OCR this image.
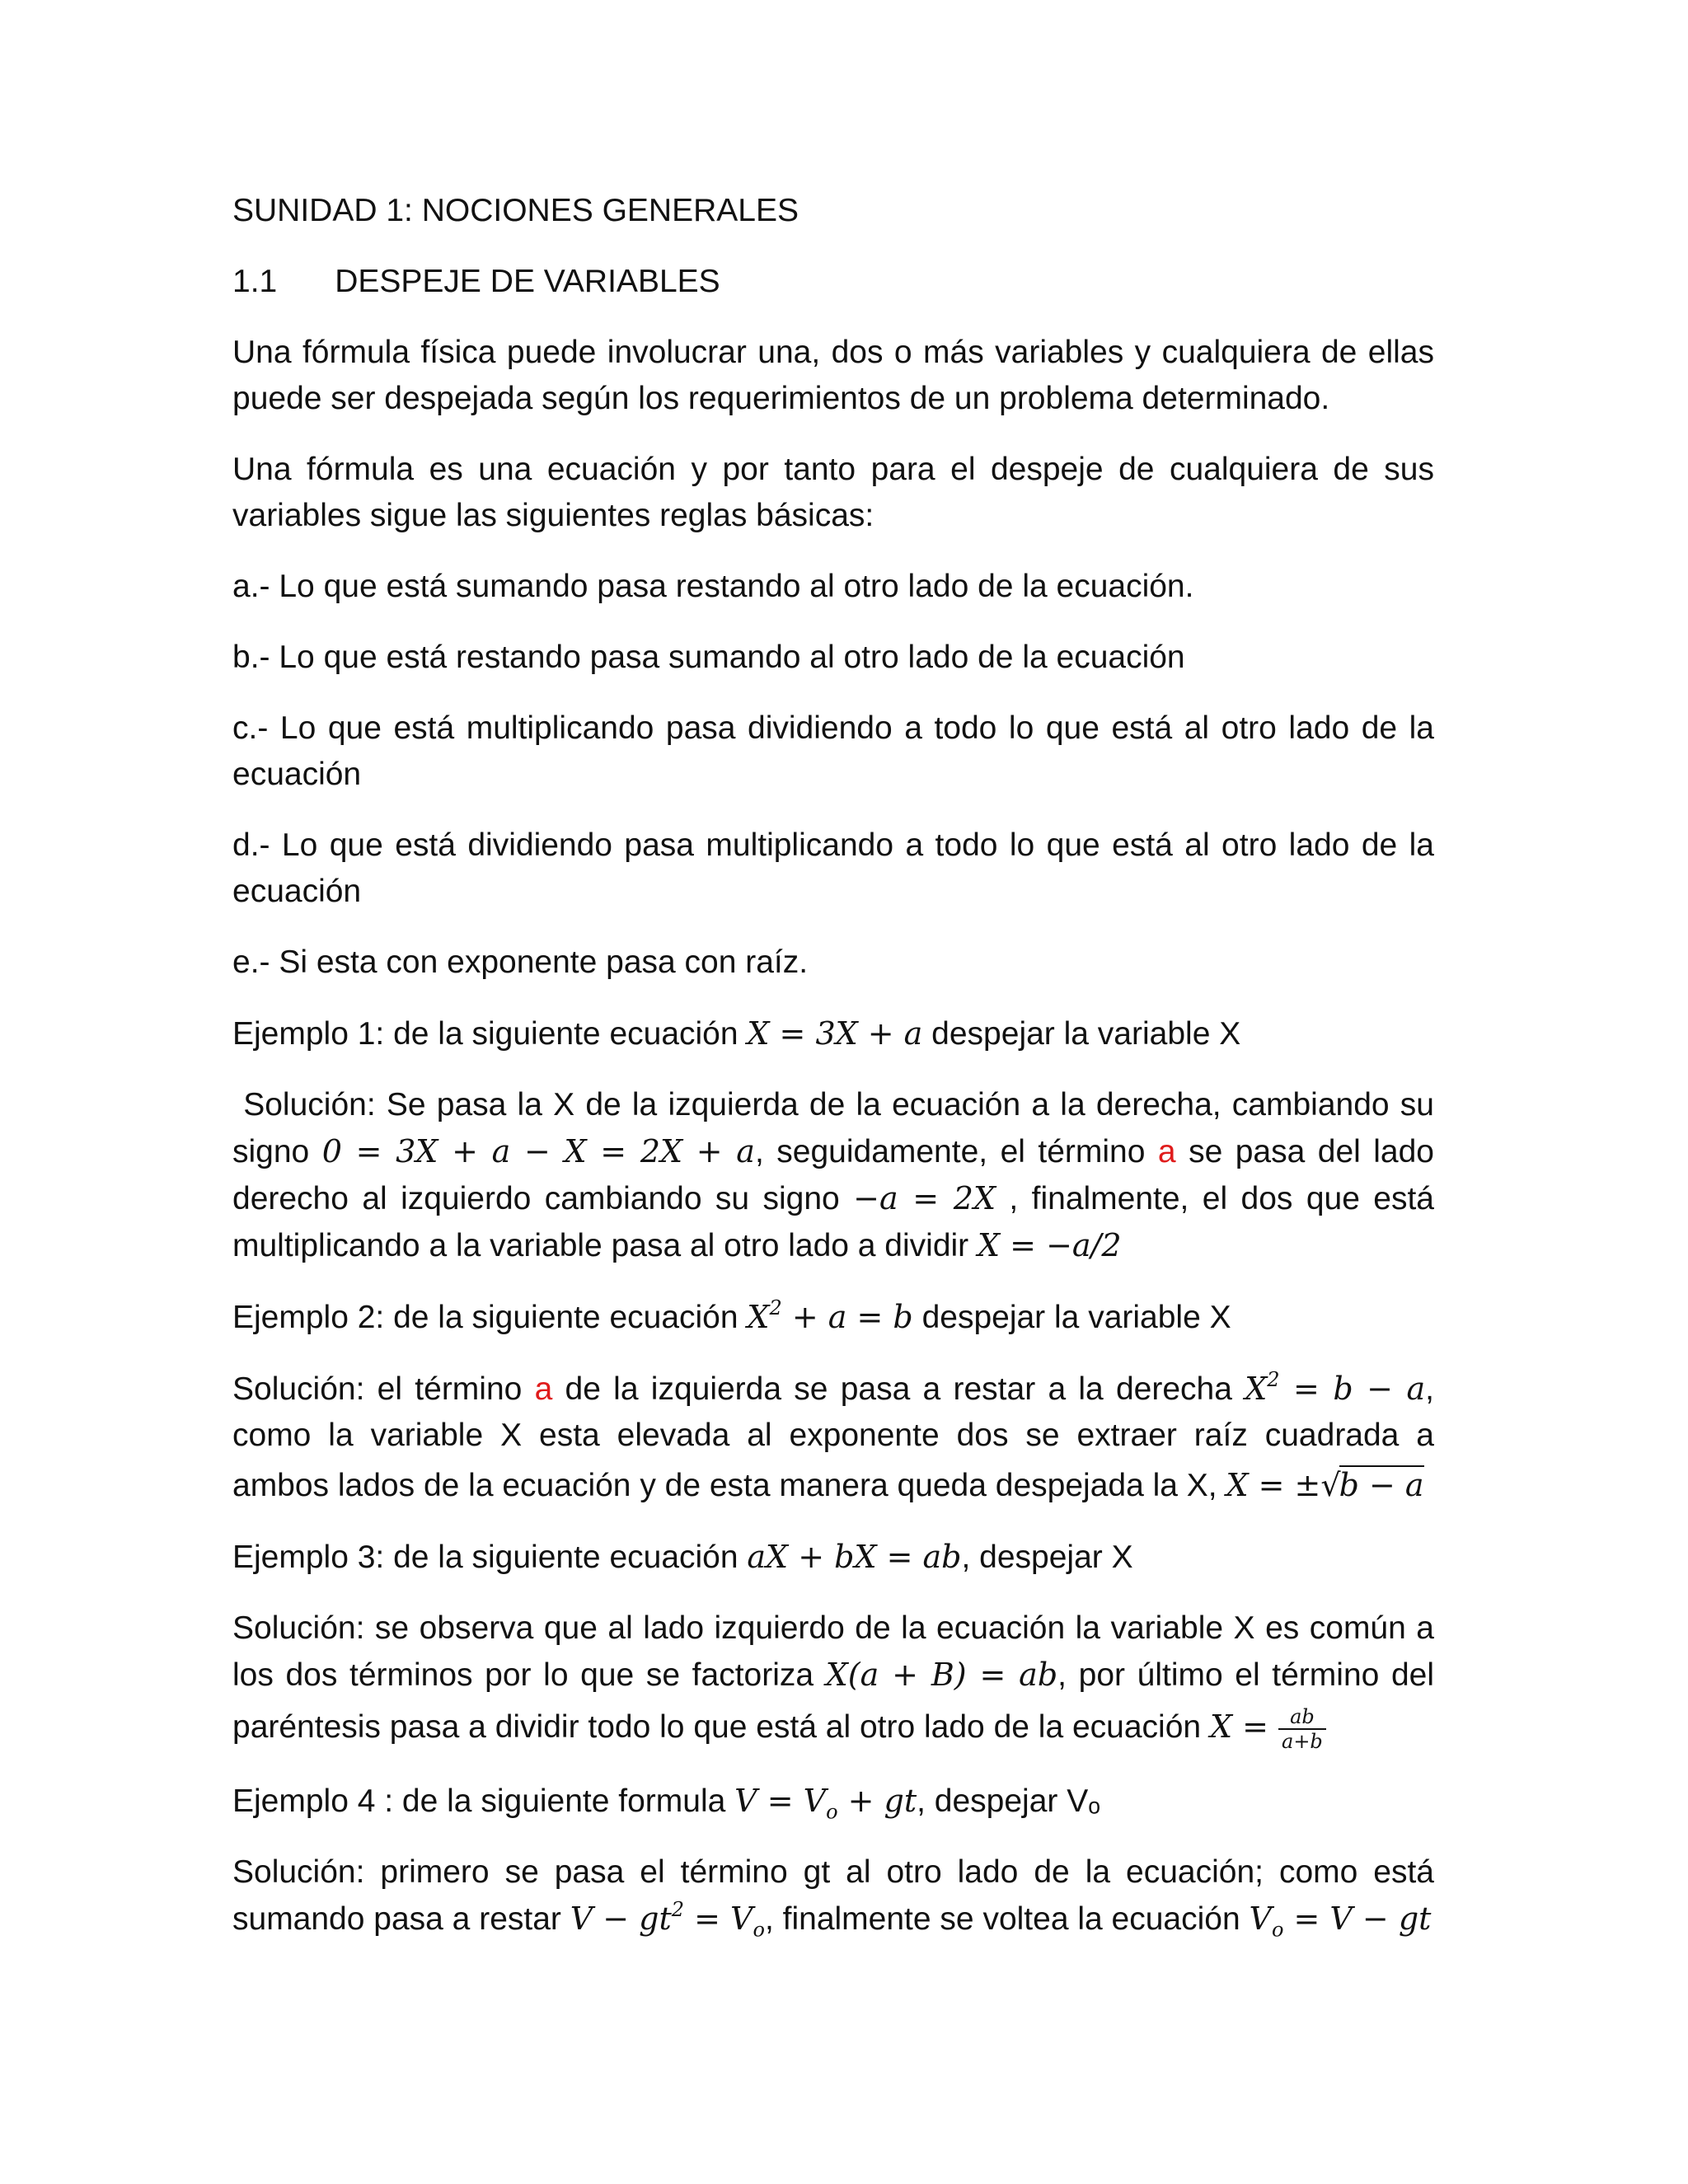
SUNIDAD 1: NOCIONES GENERALES
1.1 DESPEJE DE VARIABLES
Una fórmula física puede involucrar una, dos o más variables y cualquiera de ellas
puede ser despejada según los requerimientos de un problema determinado.
Una fórmula es una ecuación y por tanto para el despeje de cualquiera de sus
variables sigue las siguientes reglas básicas:
a.- Lo que está sumando pasa restando al otro lado de la ecuación.
b.- Lo que está restando pasa sumando al otro lado de la ecuación
c.- Lo que está multiplicando pasa dividiendo a todo lo que está al otro lado de la
ecuación
d.- Lo que está dividiendo pasa multiplicando a todo lo que está al otro lado de la
ecuación
e.- Si esta con exponente pasa con raíz.
Ejemplo 1: de la siguiente ecuación X = 3X + a despejar la variable X
Solución: Se pasa la X de la izquierda de la ecuación a la derecha, cambiando su
signo 0 = 3X + a − X = 2X + a, seguidamente, el término a se pasa del lado
derecho al izquierdo cambiando su signo −a = 2X , finalmente, el dos que está
multiplicando a la variable pasa al otro lado a dividir X = −a/2
Ejemplo 2: de la siguiente ecuación $X^2 + a = b$ despejar la variable X
Solución: el término a de la izquierda se pasa a restar a la derecha $X^2 = b - a$,
como la variable X esta elevada al exponente dos se extraer raíz cuadrada a
ambos lados de la ecuación y de esta manera queda despejada la X, X = ±√b − a
Ejemplo 3: de la siguiente ecuación aX + bX = ab, despejar X
Solución: se observa que al lado izquierdo de la ecuación la variable X es común a
los dos términos por lo que se factoriza X(a + B) = ab, por último el término del
paréntesis pasa a dividir todo lo que está al otro lado de la ecuación $X = \frac{ab}{a+b}$
Ejemplo 4 : de la siguiente formula $V = V_o$ + gt, despejar Vₒ
Solución: primero se pasa el término gt al otro lado de la ecuación; como está
sumando pasa a restar $V - gt^2 = V_o$, finalmente se voltea la ecuación $V_o = V$ − gt
